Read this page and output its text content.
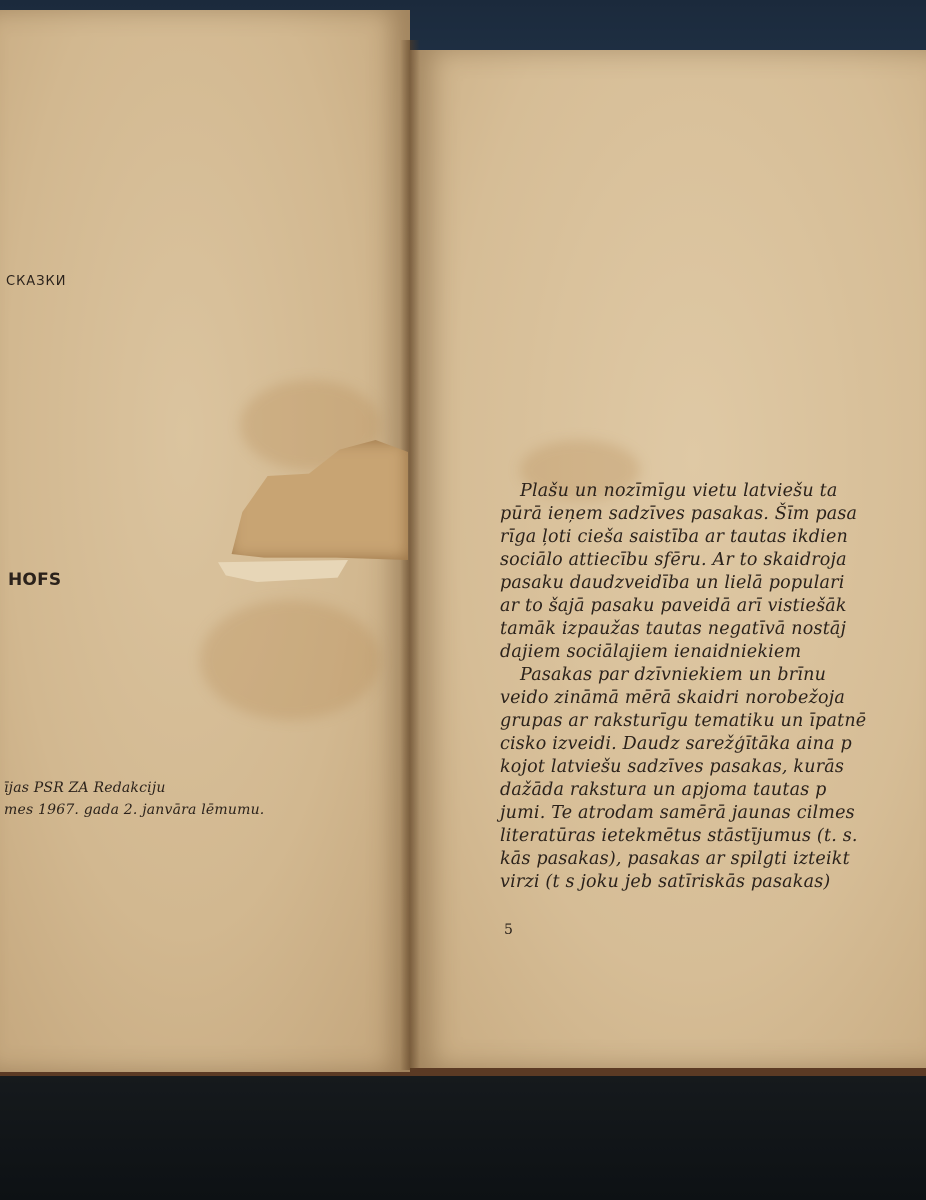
СКАЗКИ
HOFS
ījas PSR ZA Redakciju
mes 1967. gada 2. janvāra lēmumu.
Plašu un nozīmīgu vietu latviešu ta
pūrā ieņem sadzīves pasakas. Šīm pasa
rīga ļoti cieša saistība ar tautas ikdien
sociālo attiecību sfēru. Ar to skaidroja
pasaku daudzveidība un lielā populari
ar to šajā pasaku paveidā arī vistiešāk
tamāk izpaužas tautas negatīvā nostāj
dajiem sociālajiem ienaidniekiem
Pasakas par dzīvniekiem un brīnu
veido zināmā mērā skaidri norobežoja
grupas ar raksturīgu tematiku un īpatnē
cisko izveidi. Daudz sarežģītāka aina p
kojot latviešu sadzīves pasakas, kurās
dažāda rakstura un apjoma tautas p
jumi. Te atrodam samērā jaunas cilmes
literatūras ietekmētus stāstījumus (t. s.
kās pasakas), pasakas ar spilgti izteikt
virzi (t s joku jeb satīriskās pasakas)
5
